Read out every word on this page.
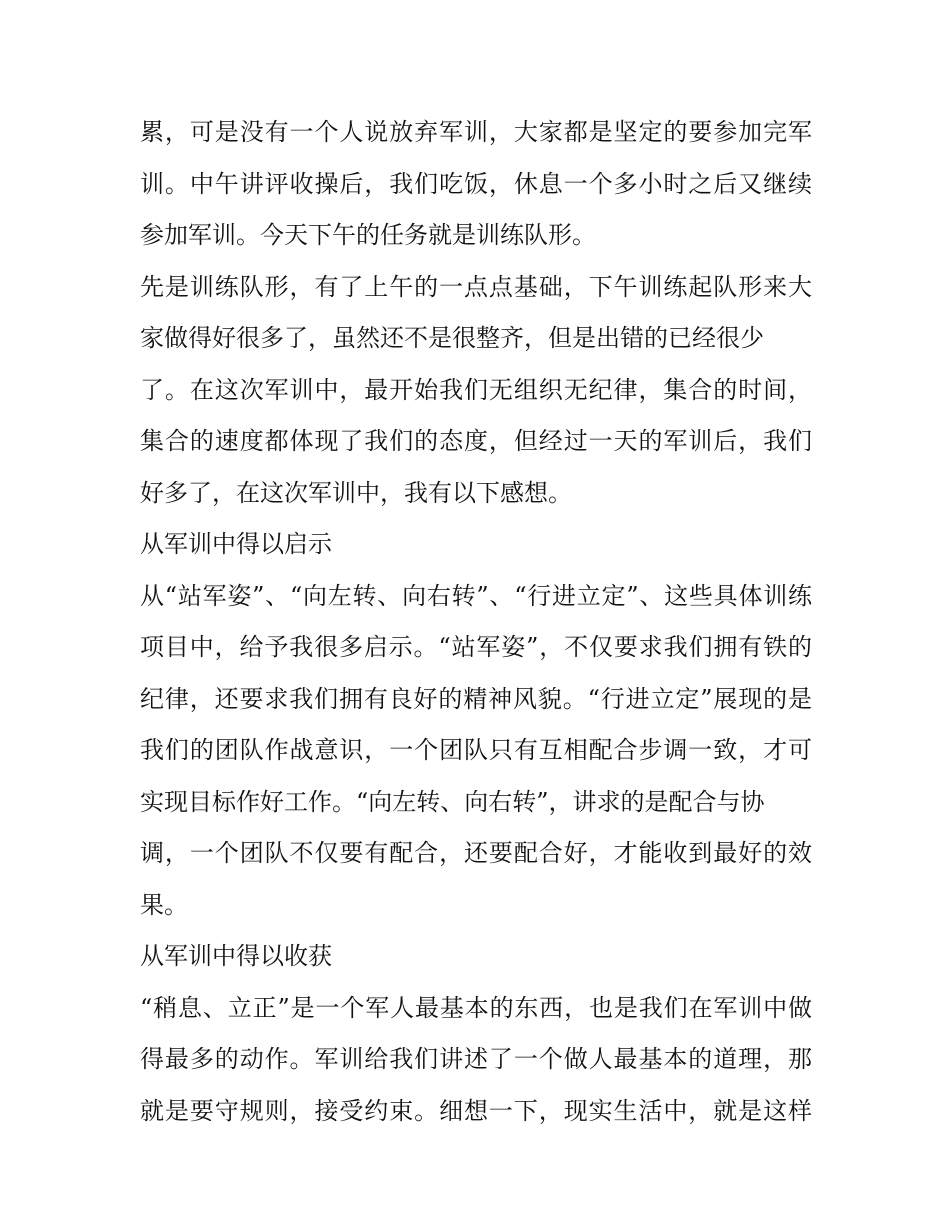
累，可是没有一个人说放弃军训，大家都是坚定的要参加完军
训。中午讲评收操后，我们吃饭，休息一个多小时之后又继续
参加军训。今天下午的任务就是训练队形。
先是训练队形，有了上午的一点点基础，下午训练起队形来大
家做得好很多了，虽然还不是很整齐，但是出错的已经很少
了。在这次军训中，最开始我们无组织无纪律，集合的时间，
集合的速度都体现了我们的态度，但经过一天的军训后，我们
好多了，在这次军训中，我有以下感想。
从军训中得以启示
从“站军姿”、“向左转、向右转”、“行进立定”、这些具体训练
项目中，给予我很多启示。“站军姿”，不仅要求我们拥有铁的
纪律，还要求我们拥有良好的精神风貌。“行进立定”展现的是
我们的团队作战意识，一个团队只有互相配合步调一致，才可
实现目标作好工作。“向左转、向右转”，讲求的是配合与协
调，一个团队不仅要有配合，还要配合好，才能收到最好的效
果。
从军训中得以收获
“稍息、立正”是一个军人最基本的东西，也是我们在军训中做
得最多的动作。军训给我们讲述了一个做人最基本的道理，那
就是要守规则，接受约束。细想一下，现实生活中，就是这样
